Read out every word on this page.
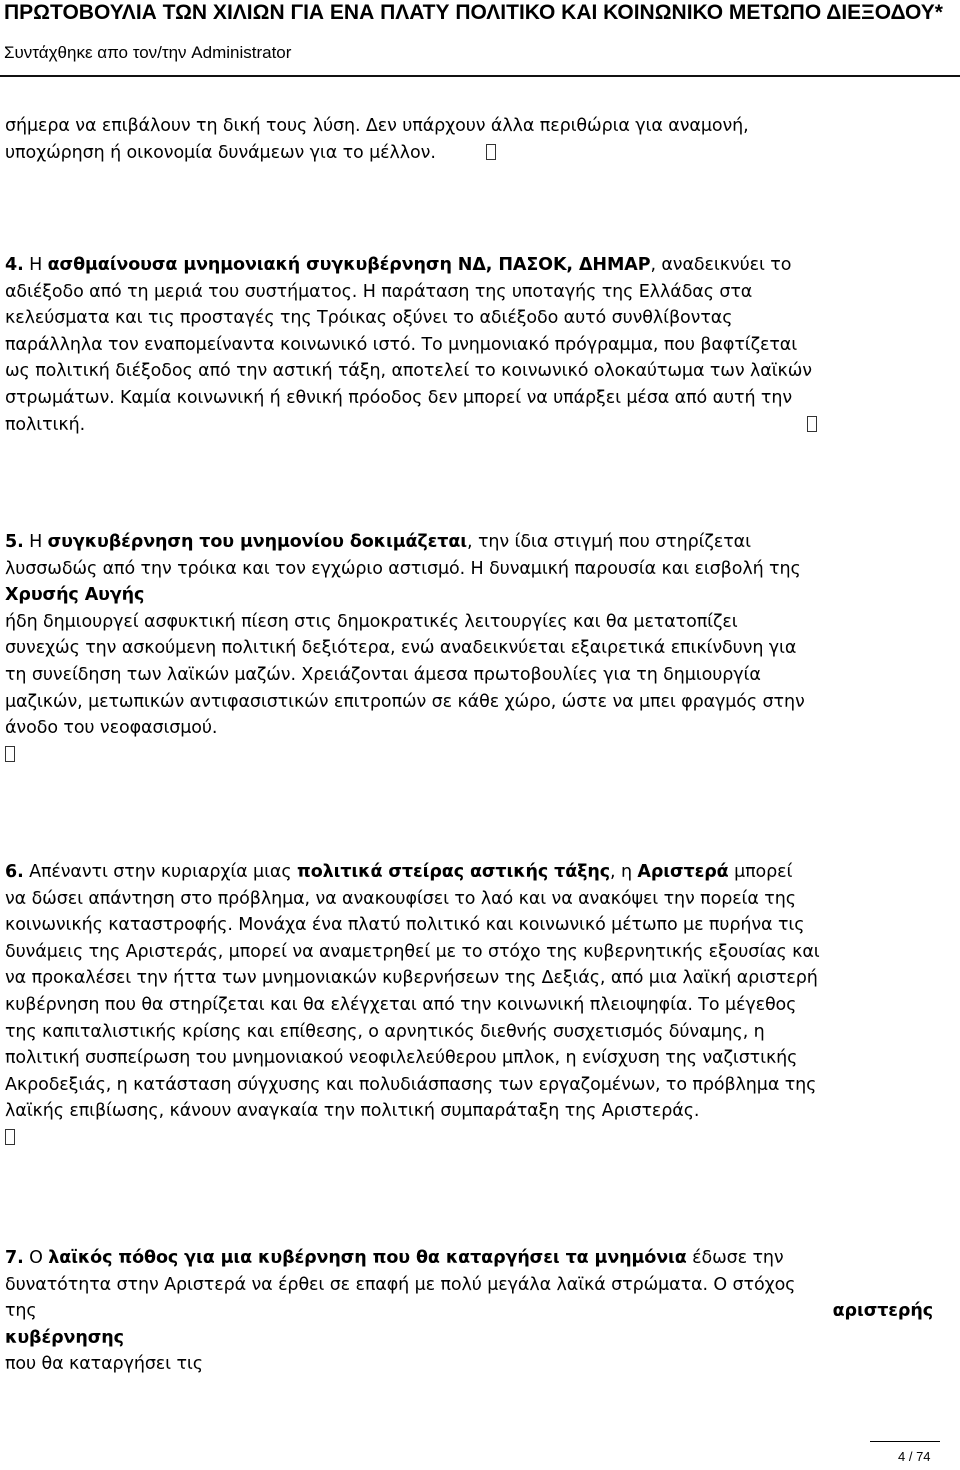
ΠΡΩΤΟΒΟΥΛΙΑ ΤΩΝ ΧΙΛΙΩΝ ΓΙΑ ΕΝΑ ΠΛΑΤΥ ΠΟΛΙΤΙΚΟ ΚΑΙ ΚΟΙΝΩΝΙΚΟ ΜΕΤΩΠΟ ΔΙΕΞΟΔΟΥ*
Συντάχθηκε απο τον/την Administrator
σήμερα να επιβάλουν τη δική τους λύση. Δεν υπάρχουν άλλα περιθώρια για αναμονή,
υποχώρηση ή οικονομία δυνάμεων για το μέλλον.
4. Η ασθμαίνουσα μνημονιακή συγκυβέρνηση ΝΔ, ΠΑΣΟΚ, ΔΗΜΑΡ, αναδεικνύει το
αδιέξοδο από τη μεριά του συστήματος. Η παράταση της υποταγής της Ελλάδας στα
κελεύσματα και τις προσταγές της Τρόικας οξύνει το αδιέξοδο αυτό συνθλίβοντας
παράλληλα τον εναπομείναντα κοινωνικό ιστό. Το μνημονιακό πρόγραμμα, που βαφτίζεται
ως πολιτική διέξοδος από την αστική τάξη, αποτελεί το κοινωνικό ολοκαύτωμα των λαϊκών
στρωμάτων. Καμία κοινωνική ή εθνική πρόοδος δεν μπορεί να υπάρξει μέσα από αυτή την
πολιτική.
5. Η συγκυβέρνηση του μνημονίου δοκιμάζεται, την ίδια στιγμή που στηρίζεται
λυσσωδώς από την τρόικα και τον εγχώριο αστισμό. Η δυναμική παρουσία και εισβολή της
Χρυσής Αυγής
ήδη δημιουργεί ασφυκτική πίεση στις δημοκρατικές λειτουργίες και θα μετατοπίζει
συνεχώς την ασκούμενη πολιτική δεξιότερα, ενώ αναδεικνύεται εξαιρετικά επικίνδυνη για
τη συνείδηση των λαϊκών μαζών. Χρειάζονται άμεσα πρωτοβουλίες για τη δημιουργία
μαζικών, μετωπικών αντιφασιστικών επιτροπών σε κάθε χώρο, ώστε να μπει φραγμός στην
άνοδο του νεοφασισμού.
6. Απέναντι στην κυριαρχία μιας πολιτικά στείρας αστικής τάξης, η Αριστερά μπορεί
να δώσει απάντηση στο πρόβλημα, να ανακουφίσει το λαό και να ανακόψει την πορεία της
κοινωνικής καταστροφής. Μονάχα ένα πλατύ πολιτικό και κοινωνικό μέτωπο με πυρήνα τις
δυνάμεις της Αριστεράς, μπορεί να αναμετρηθεί με το στόχο της κυβερνητικής εξουσίας και
να προκαλέσει την ήττα των μνημονιακών κυβερνήσεων της Δεξιάς, από μια λαϊκή αριστερή
κυβέρνηση που θα στηρίζεται και θα ελέγχεται από την κοινωνική πλειοψηφία. Το μέγεθος
της καπιταλιστικής κρίσης και επίθεσης, ο αρνητικός διεθνής συσχετισμός δύναμης, η
πολιτική συσπείρωση του μνημονιακού νεοφιλελεύθερου μπλοκ, η ενίσχυση της ναζιστικής
Ακροδεξιάς, η κατάσταση σύγχυσης και πολυδιάσπασης των εργαζομένων, το πρόβλημα της
λαϊκής επιβίωσης, κάνουν αναγκαία την πολιτική συμπαράταξη της Αριστεράς.
7. Ο λαϊκός πόθος για μια κυβέρνηση που θα καταργήσει τα μνημόνια έδωσε την
δυνατότητα στην Αριστερά να έρθει σε επαφή με πολύ μεγάλα λαϊκά στρώματα. Ο στόχος
της	αριστερής
κυβέρνησης
που θα καταργήσει τις
4 / 74
